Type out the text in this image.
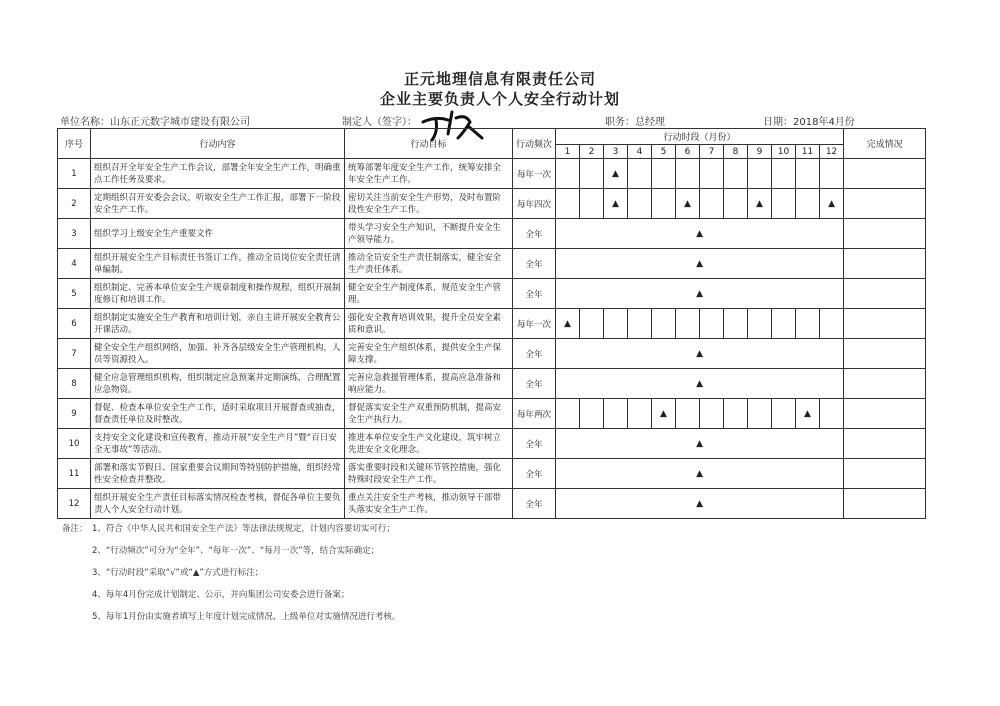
正元地理信息有限责任公司
企业主要负责人个人安全行动计划
单位名称：山东正元数字城市建设有限公司	制定人（签字）：	职务：总经理	日期：2018年4月份
序号	行动内容	行动目标	行动频次	行动时段（月份）												完成情况
				1	2	3	4	5	6	7	8	9	10	11	12	
1	组织召开全年安全生产工作会议，部署全年安全生产工作，明确重点工作任务及要求。	统筹部署年度安全生产工作，统筹安排全年安全生产工作。	每年一次			▲										
2	定期组织召开安委会会议，听取安全生产工作汇报，部署下一阶段安全生产工作。	密切关注当前安全生产形势，及时布置阶段性安全生产工作。	每年四次			▲			▲			▲			▲	
3	组织学习上级安全生产重要文件	带头学习安全生产知识，不断提升安全生产领导能力。	全年	▲												
4	组织开展安全生产目标责任书签订工作，推动全员岗位安全责任清单编制。	推动全员安全生产责任制落实，健全安全生产责任体系。	全年	▲												
5	组织制定、完善本单位安全生产规章制度和操作规程，组织开展制度修订和培训工作。	健全安全生产制度体系，规范安全生产管理。	全年	▲												
6	组织制定实施安全生产教育和培训计划，亲自主讲开展安全教育公开课活动。	强化安全教育培训效果，提升全员安全素质和意识。	每年一次	▲												
7	健全安全生产组织网络，加强、补齐各层级安全生产管理机构，人员等资源投入。	完善安全生产组织体系，提供安全生产保障支撑。	全年	▲												
8	健全应急管理组织机构，组织制定应急预案并定期演练，合理配置应急物资。	完善应急救援管理体系，提高应急准备和响应能力。	全年	▲												
9	督促、检查本单位安全生产工作，适时采取项目开展督查或抽查，督查责任单位及时整改。	督促落实安全生产双重预防机制，提高安全生产执行力。	每年两次					▲						▲		
10	支持安全文化建设和宣传教育，推动开展“安全生产月”暨“百日安全无事故”等活动。	推进本单位安全生产文化建设，筑牢树立先进安全文化理念。	全年	▲												
11	部署和落实节假日、国家重要会议期间等特别防护措施，组织经常性安全检查并整改。	落实重要时段和关键环节管控措施，强化特殊时段安全生产工作。	全年	▲												
12	组织开展安全生产责任目标落实情况检查考核，督促各单位主要负责人个人安全行动计划。	重点关注安全生产考核，推动领导干部带头落实安全生产工作。	全年	▲												
备注： 1、符合《中华人民共和国安全生产法》等法律法规规定，计划内容要切实可行；
2、“行动频次”可分为“全年”、“每年一次”、“每月一次”等，结合实际确定；
3、“行动时段”采取“√”或“▲”方式进行标注；
4、每年4月份完成计划制定、公示，并向集团公司安委会进行备案；
5、每年1月份由实施者填写上年度计划完成情况，上级单位对实施情况进行考核。
